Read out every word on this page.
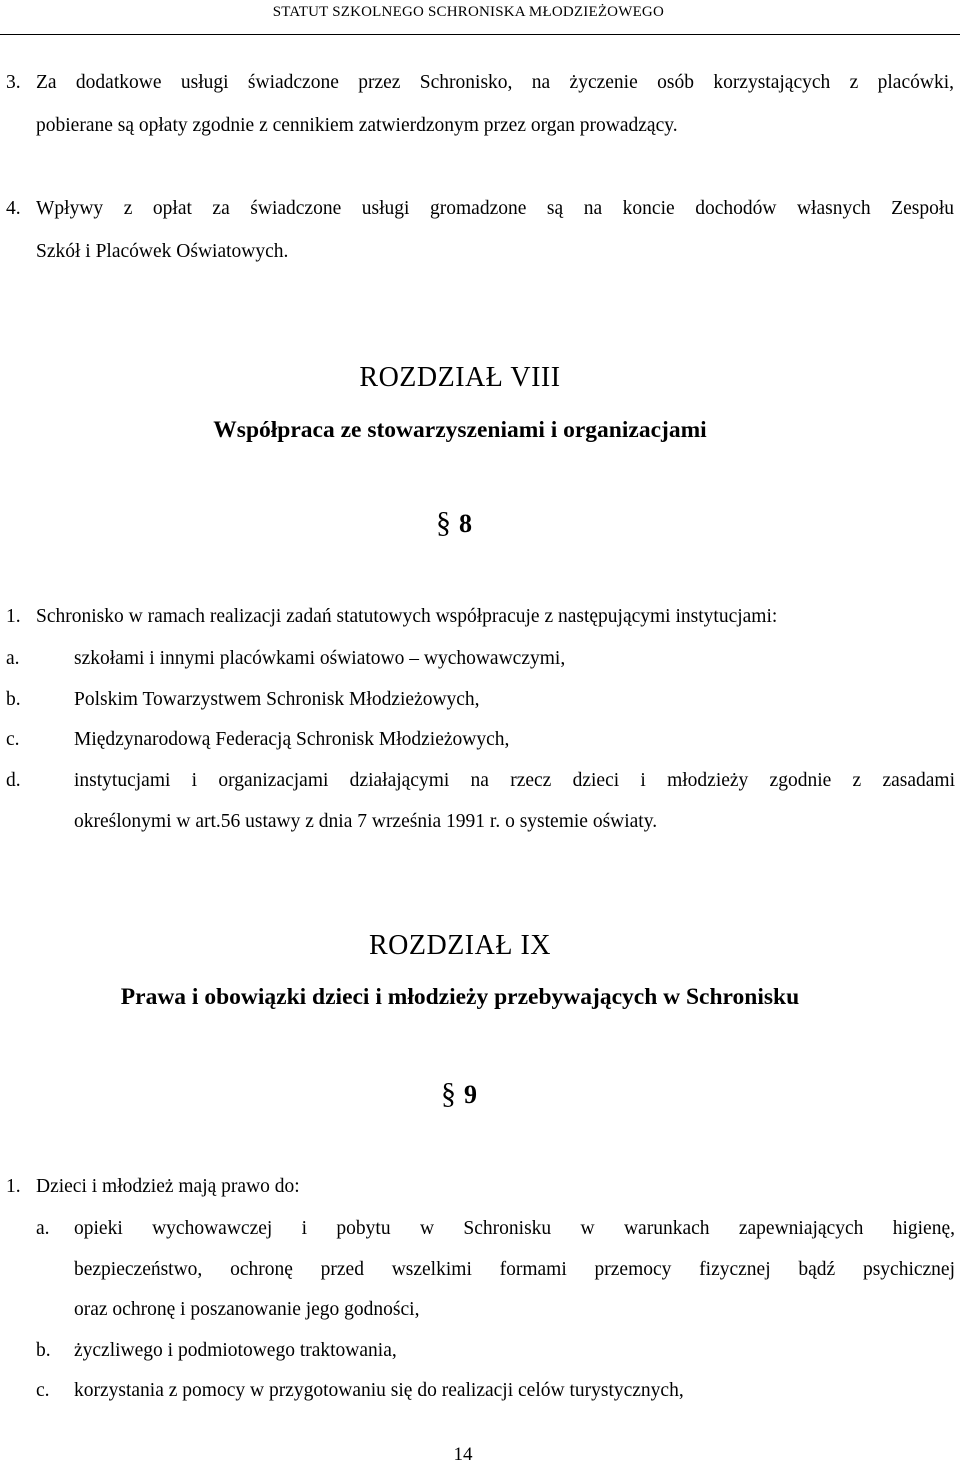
STATUT SZKOLNEGO SCHRONISKA MŁODZIEŻOWEGO
3. Za dodatkowe usługi świadczone przez Schronisko, na życzenie osób korzystających z placówki,
pobierane są opłaty zgodnie z cennikiem zatwierdzonym przez organ prowadzący.
4. Wpływy z opłat za świadczone usługi gromadzone są na koncie dochodów własnych Zespołu
Szkół i Placówek Oświatowych.
ROZDZIAŁ VIII
Współpraca ze stowarzyszeniami i organizacjami
§ 8
1. Schronisko w ramach realizacji zadań statutowych współpracuje z następującymi instytucjami:
a.	szkołami i innymi placówkami oświatowo – wychowawczymi,
b.	Polskim Towarzystwem Schronisk Młodzieżowych,
c.	Międzynarodową Federacją Schronisk Młodzieżowych,
d.	instytucjami i organizacjami działającymi na rzecz dzieci i młodzieży zgodnie z zasadami
określonymi w art.56 ustawy z dnia 7 września 1991 r. o systemie oświaty.
ROZDZIAŁ IX
Prawa i obowiązki dzieci i młodzieży przebywających w Schronisku
§ 9
1. Dzieci i młodzież mają prawo do:
a. opieki wychowawczej i pobytu w Schronisku w warunkach zapewniających higienę,
bezpieczeństwo, ochronę przed wszelkimi formami przemocy fizycznej bądź psychicznej
oraz ochronę i poszanowanie jego godności,
b. życzliwego i podmiotowego traktowania,
c. korzystania z pomocy w przygotowaniu się do realizacji celów turystycznych,
14
